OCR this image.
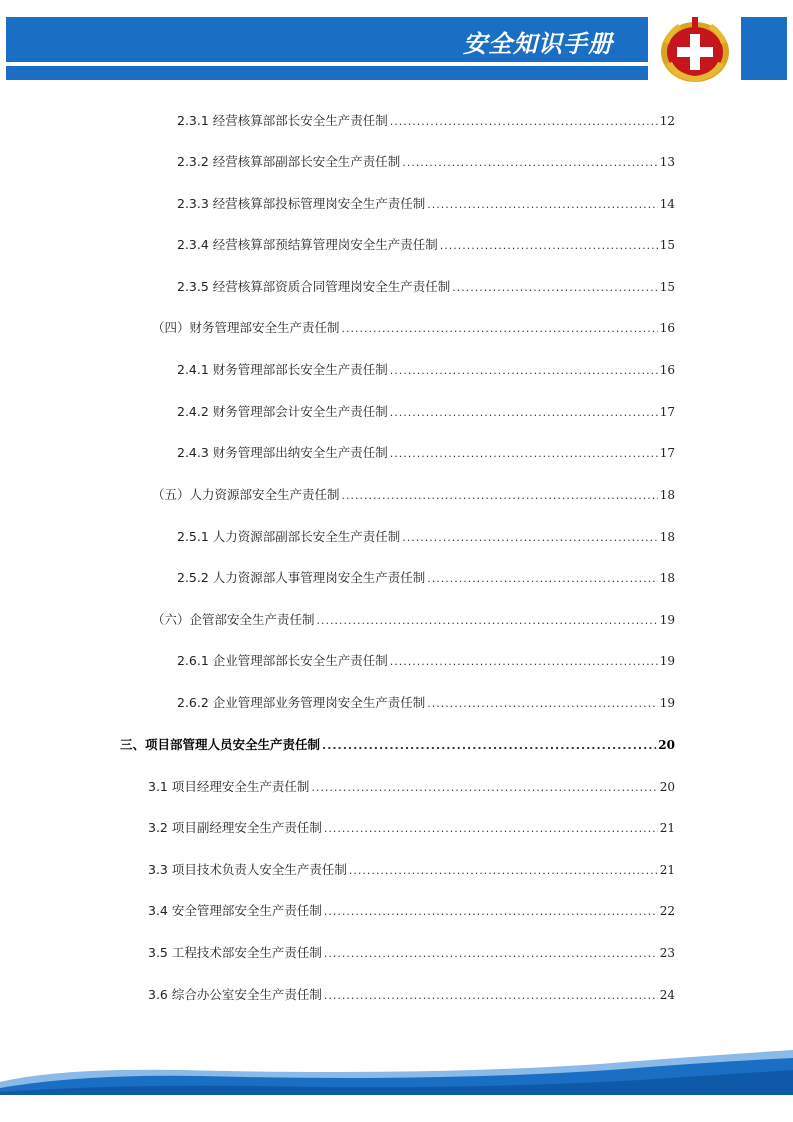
安全知识手册
2.3.1 经营核算部部长安全生产责任制 .....	12
2.3.2 经营核算部副部长安全生产责任制 .....	13
2.3.3 经营核算部投标管理岗安全生产责任制 .....	14
2.3.4 经营核算部预结算管理岗安全生产责任制 .....	15
2.3.5 经营核算部资质合同管理岗安全生产责任制 .....	15
（四）财务管理部安全生产责任制 .....	16
2.4.1 财务管理部部长安全生产责任制 .....	16
2.4.2 财务管理部会计安全生产责任制 .....	17
2.4.3 财务管理部出纳安全生产责任制 .....	17
（五）人力资源部安全生产责任制 .....	18
2.5.1 人力资源部副部长安全生产责任制 .....	18
2.5.2 人力资源部人事管理岗安全生产责任制 .....	18
（六）企管部安全生产责任制 .....	19
2.6.1 企业管理部部长安全生产责任制 .....	19
2.6.2 企业管理部业务管理岗安全生产责任制 .....	19
三、项目部管理人员安全生产责任制 .....	20
3.1 项目经理安全生产责任制 .....	20
3.2 项目副经理安全生产责任制 .....	21
3.3 项目技术负责人安全生产责任制 .....	21
3.4 安全管理部安全生产责任制 .....	22
3.5 工程技术部安全生产责任制 .....	23
3.6 综合办公室安全生产责任制 .....	24
